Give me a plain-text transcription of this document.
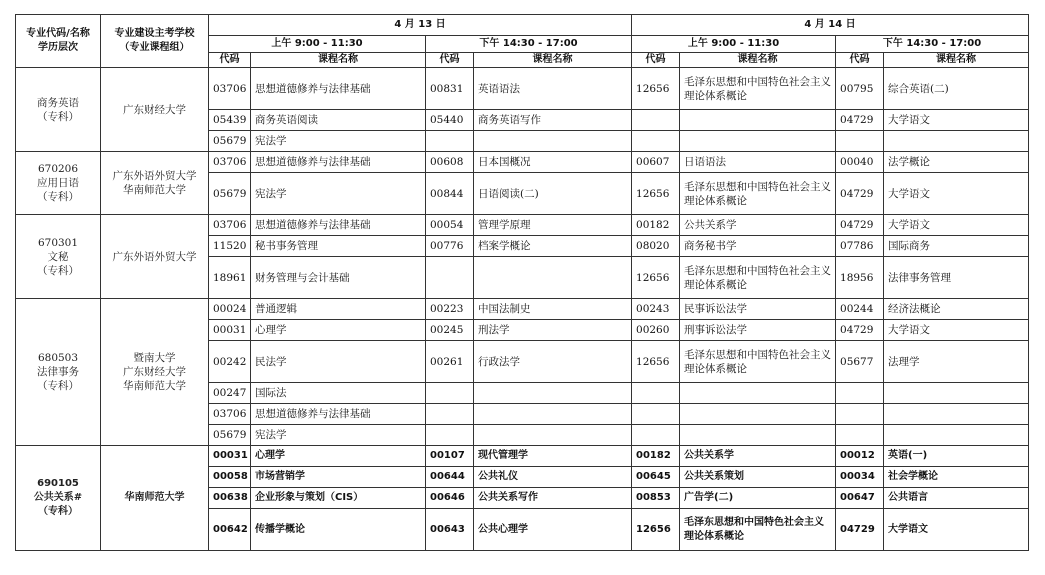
专业代码/名称
学历层次	专业建设主考学校
（专业课程组）	4 月 13 日				4 月 14 日			
		上午 9:00 - 11:30		下午 14:30 - 17:00		上午 9:00 - 11:30		下午 14:30 - 17:00	
		代码	课程名称	代码	课程名称	代码	课程名称	代码	课程名称

商务英语
（专科）	广东财经大学	03706	思想道德修养与法律基础	00831	英语语法	12656	毛泽东思想和中国特色社会主义理论体系概论	00795	综合英语(二)
		05439	商务英语阅读	05440	商务英语写作			04729	大学语文
		05679	宪法学						

670206
应用日语
（专科）	广东外语外贸大学
华南师范大学	03706	思想道德修养与法律基础	00608	日本国概况	00607	日语语法	00040	法学概论
		05679	宪法学	00844	日语阅读(二)	12656	毛泽东思想和中国特色社会主义理论体系概论	04729	大学语文

670301
文秘
（专科）	广东外语外贸大学	03706	思想道德修养与法律基础	00054	管理学原理	00182	公共关系学	04729	大学语文
		11520	秘书事务管理	00776	档案学概论	08020	商务秘书学	07786	国际商务
		18961	财务管理与会计基础			12656	毛泽东思想和中国特色社会主义理论体系概论	18956	法律事务管理

680503
法律事务
（专科）	暨南大学
广东财经大学
华南师范大学	00024	普通逻辑	00223	中国法制史	00243	民事诉讼法学	00244	经济法概论
		00031	心理学	00245	刑法学	00260	刑事诉讼法学	04729	大学语文
		00242	民法学	00261	行政法学	12656	毛泽东思想和中国特色社会主义理论体系概论	05677	法理学
		00247	国际法						
		03706	思想道德修养与法律基础						
		05679	宪法学						

690105
公共关系#
（专科）	华南师范大学	00031	心理学	00107	现代管理学	00182	公共关系学	00012	英语(一)
		00058	市场营销学	00644	公共礼仪	00645	公共关系策划	00034	社会学概论
		00638	企业形象与策划（CIS）	00646	公共关系写作	00853	广告学(二)	00647	公共语言
		00642	传播学概论	00643	公共心理学	12656	毛泽东思想和中国特色社会主义理论体系概论	04729	大学语文
